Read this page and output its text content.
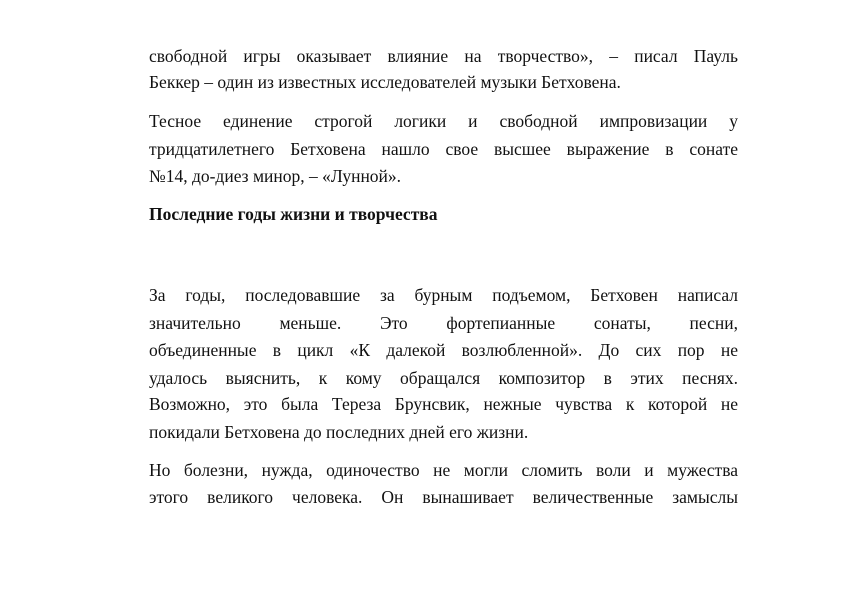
свободной игры оказывает влияние на творчество», – писал Пауль
Беккер – один из известных исследователей музыки Бетховена.
Тесное единение строгой логики и свободной импровизации у
тридцатилетнего Бетховена нашло свое высшее выражение в сонате
№14, до-диез минор, – «Лунной».
Последние годы жизни и творчества
За годы, последовавшие за бурным подъемом, Бетховен написал
значительно меньше. Это фортепианные сонаты, песни,
объединенные в цикл «К далекой возлюбленной». До сих пор не
удалось выяснить, к кому обращался композитор в этих песнях.
Возможно, это была Тереза Брунсвик, нежные чувства к которой не
покидали Бетховена до последних дней его жизни.
Но болезни, нужда, одиночество не могли сломить воли и мужества
этого великого человека. Он вынашивает величественные замыслы
